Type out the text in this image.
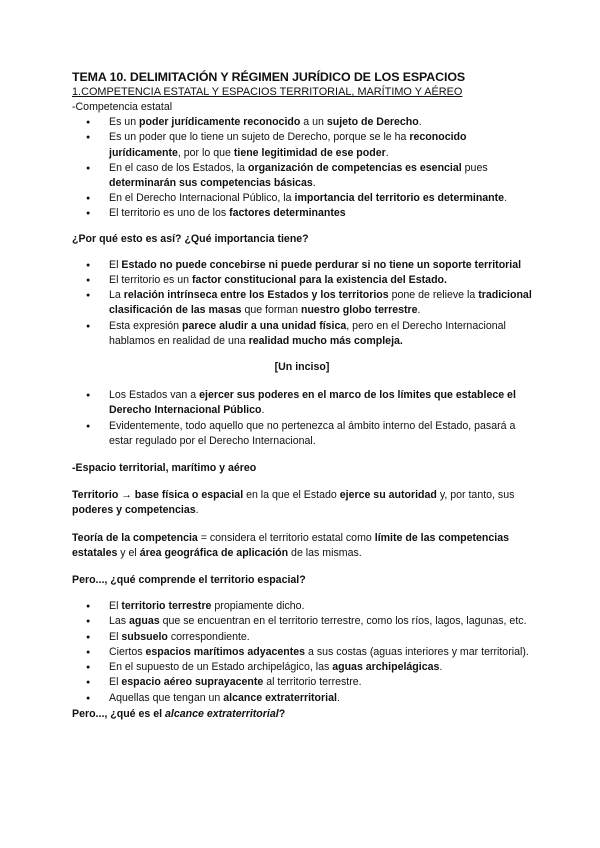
TEMA 10. DELIMITACIÓN Y RÉGIMEN JURÍDICO DE LOS ESPACIOS

1.COMPETENCIA ESTATAL Y ESPACIOS TERRITORIAL, MARÍTIMO Y AÉREO

-Competencia estatal

● Es un poder jurídicamente reconocido a un sujeto de Derecho.
● Es un poder que lo tiene un sujeto de Derecho, porque se le ha reconocido jurídicamente, por lo que tiene legitimidad de ese poder.
● En el caso de los Estados, la organización de competencias es esencial pues determinarán sus competencias básicas.
● En el Derecho Internacional Público, la importancia del territorio es determinante.
● El territorio es uno de los factores determinantes

¿Por qué esto es así? ¿Qué importancia tiene?

● El Estado no puede concebirse ni puede perdurar si no tiene un soporte territorial
● El territorio es un factor constitucional para la existencia del Estado.
● La relación intrínseca entre los Estados y los territorios pone de relieve la tradicional clasificación de las masas que forman nuestro globo terrestre.
● Esta expresión parece aludir a una unidad física, pero en el Derecho Internacional hablamos en realidad de una realidad mucho más compleja.

[Un inciso]

● Los Estados van a ejercer sus poderes en el marco de los límites que establece el Derecho Internacional Público.
● Evidentemente, todo aquello que no pertenezca al ámbito interno del Estado, pasará a estar regulado por el Derecho Internacional.

-Espacio territorial, marítimo y aéreo

Territorio → base física o espacial en la que el Estado ejerce su autoridad y, por tanto, sus poderes y competencias.

Teoría de la competencia = considera el territorio estatal como límite de las competencias estatales y el área geográfica de aplicación de las mismas.

Pero..., ¿qué comprende el territorio espacial?

● El territorio terrestre propiamente dicho.
● Las aguas que se encuentran en el territorio terrestre, como los ríos, lagos, lagunas, etc.
● El subsuelo correspondiente.
● Ciertos espacios marítimos adyacentes a sus costas (aguas interiores y mar territorial).
● En el supuesto de un Estado archipelágico, las aguas archipelágicas.
● El espacio aéreo suprayacente al territorio terrestre.
● Aquellas que tengan un alcance extraterritorial.

Pero..., ¿qué es el alcance extraterritorial?
